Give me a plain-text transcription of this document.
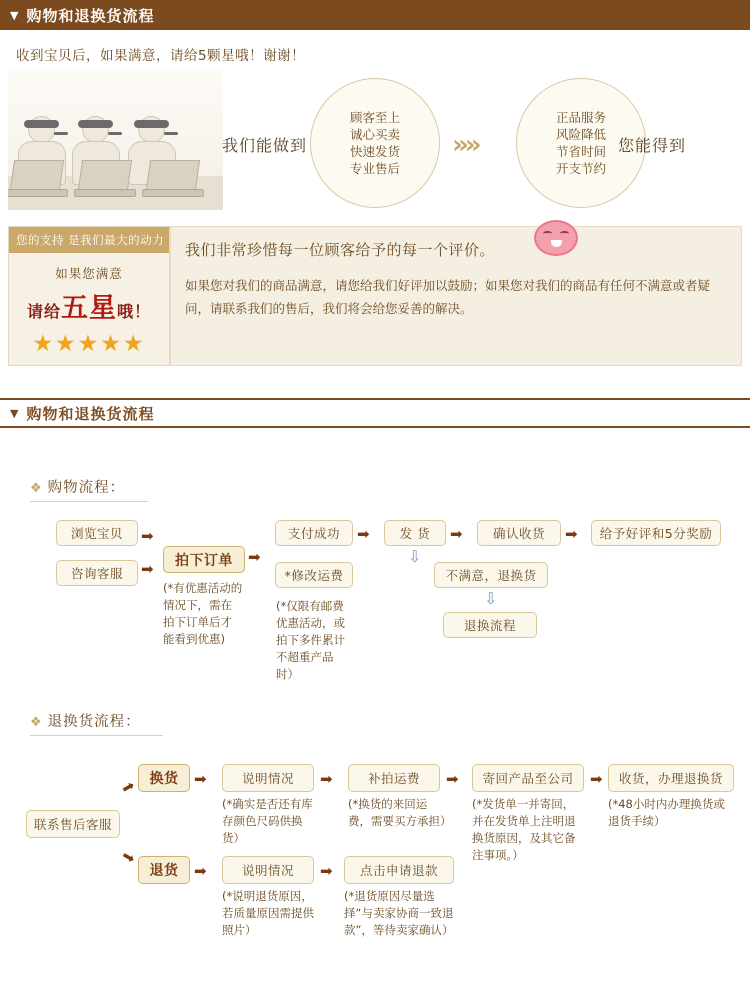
▼ 购物和退换货流程
收到宝贝后，如果满意，请给5颗星哦！谢谢！
我们能做到
顾客至上
诚心买卖
快速发货
专业售后
»»
正品服务
风险降低
节省时间
开支节约
您能得到
您的支持 是我们最大的动力
如果您满意
请给五星哦！
★★★★★
我们非常珍惜每一位顾客给予的每一个评价。
如果您对我们的商品满意，请您给我们好评加以鼓励；如果您对我们的商品有任何不满意或者疑问，请联系我们的售后，我们将会给您妥善的解决。
▼ 购物和退换货流程
❖ 购物流程：
浏览宝贝
咨询客服
➡
➡	拍下订单
(*有优惠活动的情况下，需在拍下订单后才能看到优惠)
➡
支付成功
*修改运费
(*仅限有邮费优惠活动，或拍下多件累计不超重产品时）
➡	发 货	➡	确认收货	➡	给予好评和5分奖励
⇩
不满意，退换货
⇩
退换流程
❖ 退换货流程：
联系售后客服
➡
➡
换货	➡	说明情况
(*确实是否还有库存颜色尺码供换货）
➡	补拍运费
(*换货的来回运费，需要买方承担）
➡	寄回产品至公司
(*发货单一并寄回，并在发货单上注明退换货原因，及其它备注事项。）
➡	收货，办理退换货
(*48小时内办理换货或退货手续）
退货	➡	说明情况
(*说明退货原因，若质量原因需提供照片）
➡	点击申请退款
(*退货原因尽量选择“与卖家协商一致退款”，等待卖家确认）
